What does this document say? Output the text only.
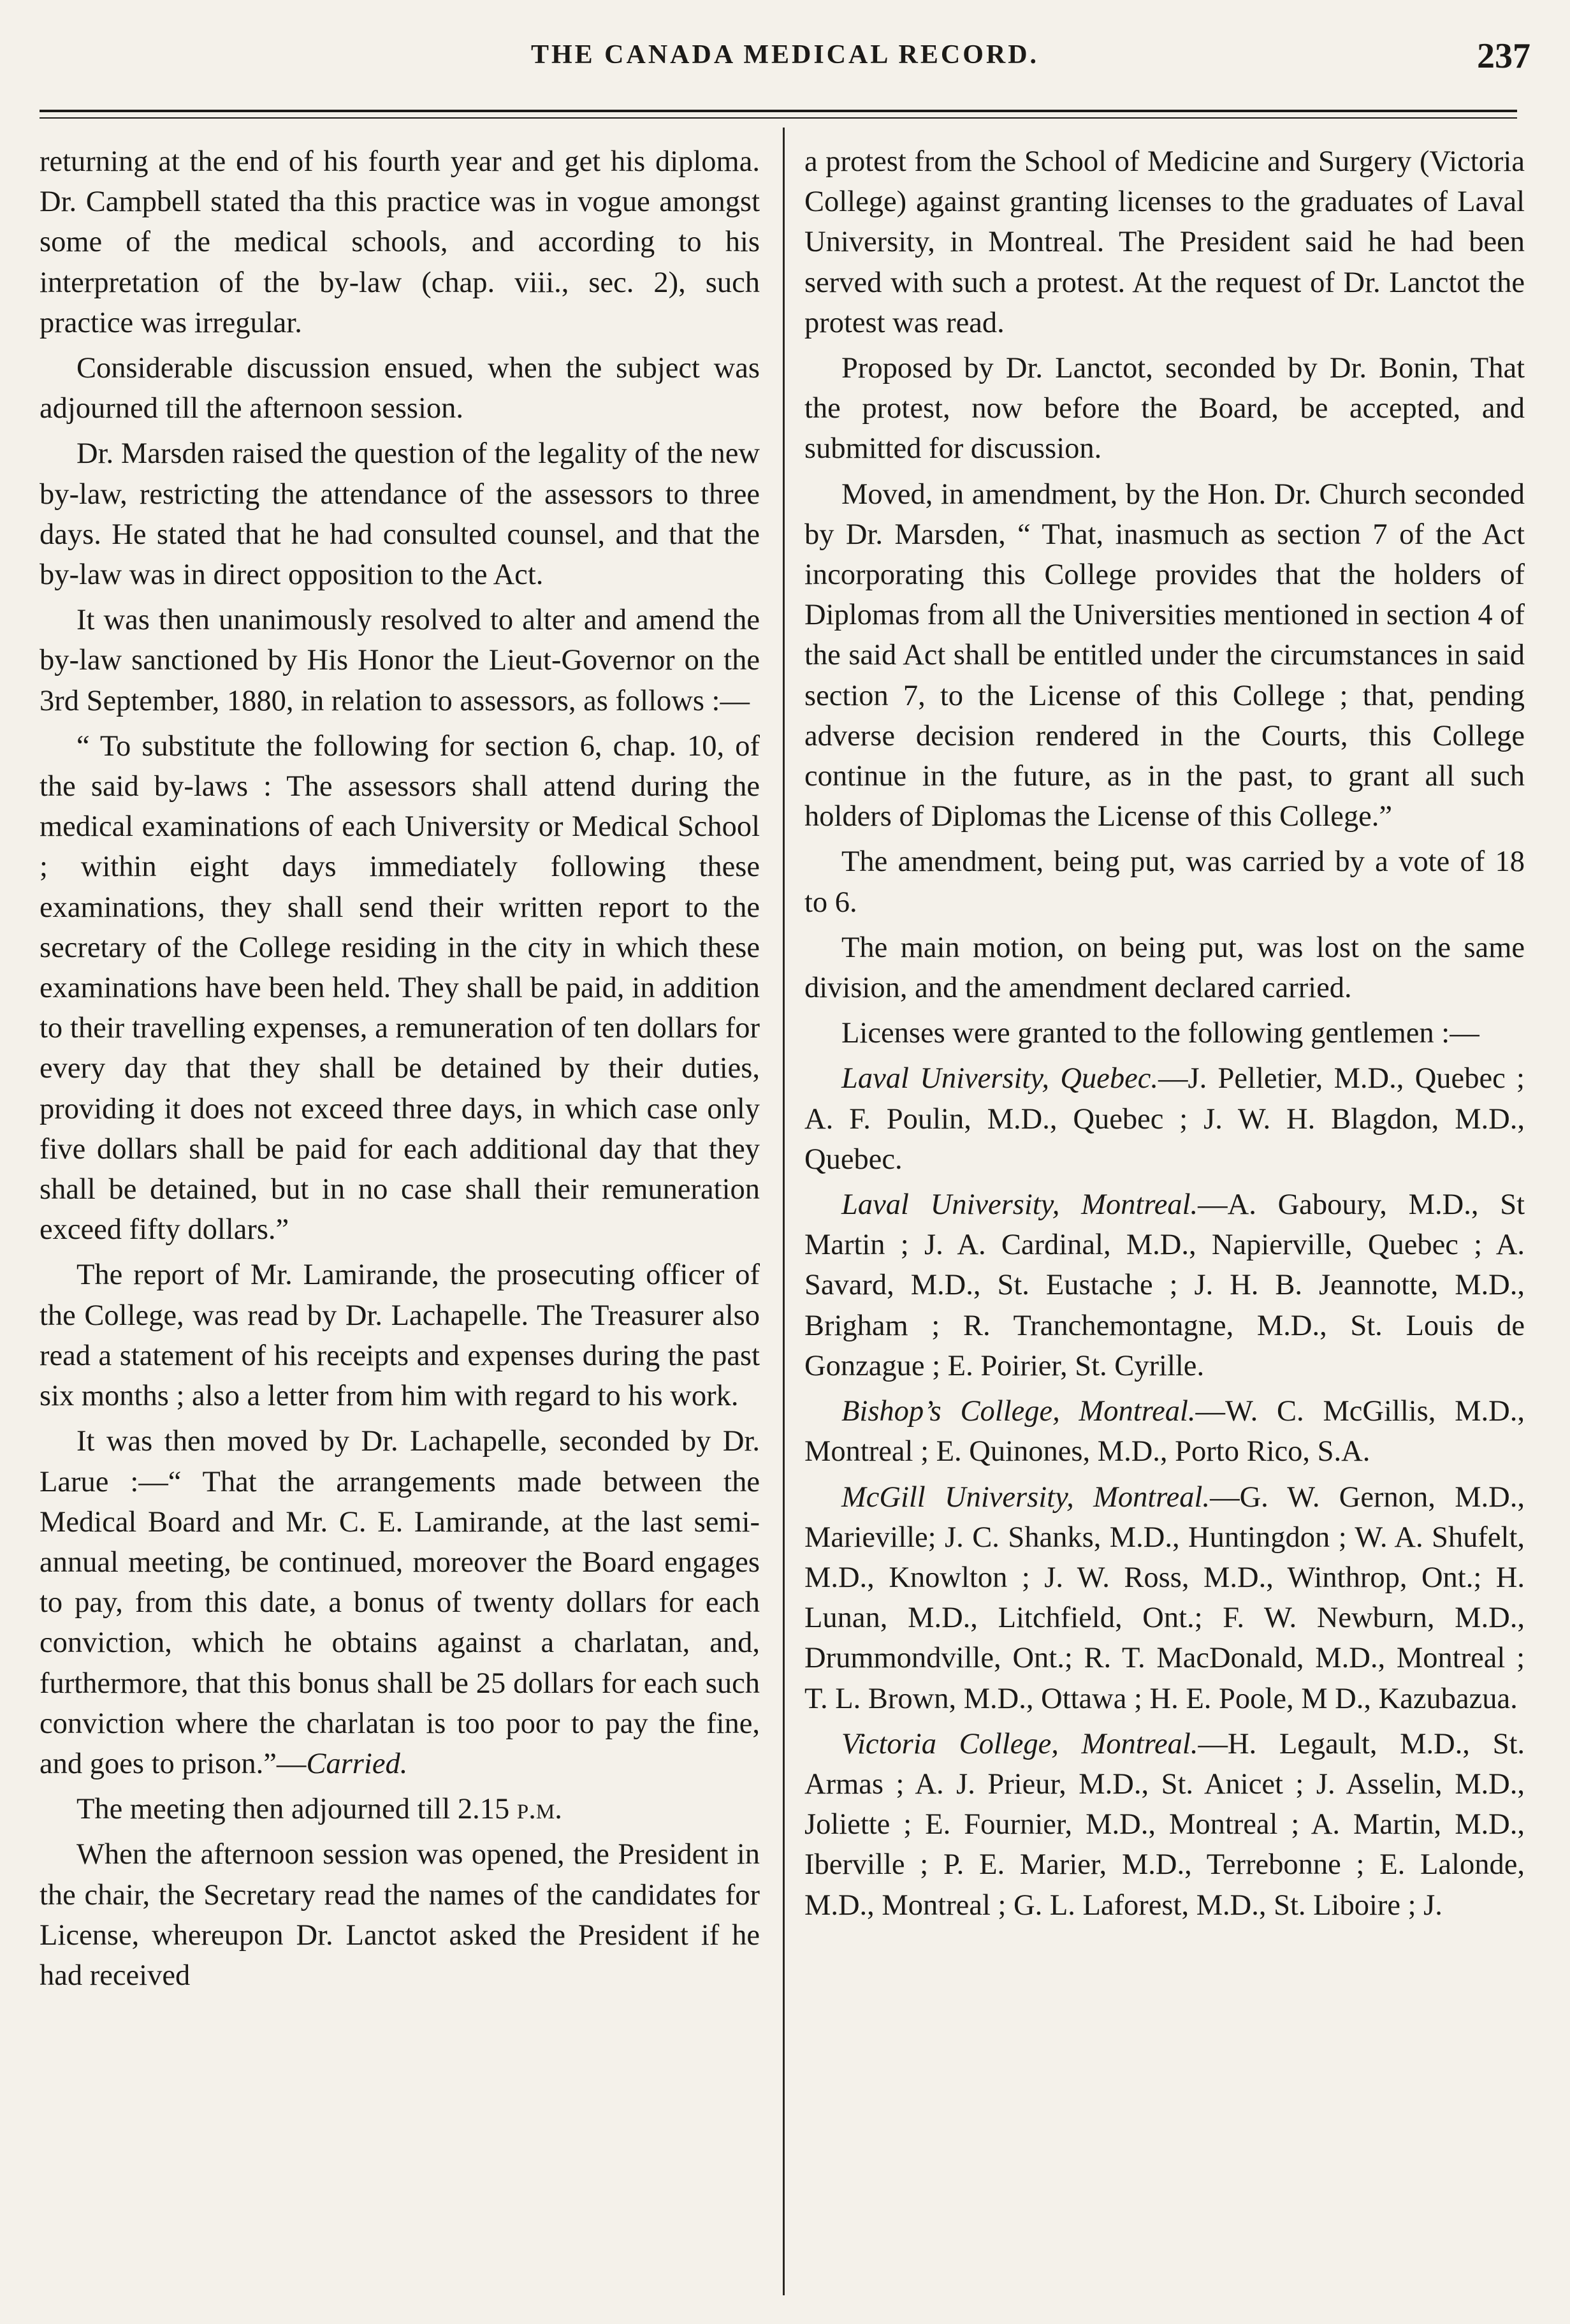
THE CANADA MEDICAL RECORD.	237

returning at the end of his fourth year and get his diploma. Dr. Campbell stated tha this practice was in vogue amongst some of the medical schools, and according to his interpretation of the by-law (chap. viii., sec. 2), such practice was irregular.

Considerable discussion ensued, when the subject was adjourned till the afternoon session.

Dr. Marsden raised the question of the legality of the new by-law, restricting the attendance of the assessors to three days. He stated that he had consulted counsel, and that the by-law was in direct opposition to the Act.

It was then unanimously resolved to alter and amend the by-law sanctioned by His Honor the Lieut-Governor on the 3rd September, 1880, in relation to assessors, as follows :—

“ To substitute the following for section 6, chap. 10, of the said by-laws : The assessors shall attend during the medical examinations of each University or Medical School ; within eight days immediately following these examinations, they shall send their written report to the secretary of the College residing in the city in which these examinations have been held. They shall be paid, in addition to their travelling expenses, a remuneration of ten dollars for every day that they shall be detained by their duties, providing it does not exceed three days, in which case only five dollars shall be paid for each additional day that they shall be detained, but in no case shall their remuneration exceed fifty dollars.”

The report of Mr. Lamirande, the prosecuting officer of the College, was read by Dr. Lachapelle. The Treasurer also read a statement of his receipts and expenses during the past six months ; also a letter from him with regard to his work.

It was then moved by Dr. Lachapelle, seconded by Dr. Larue :—“ That the arrangements made between the Medical Board and Mr. C. E. Lamirande, at the last semi-annual meeting, be continued, moreover the Board engages to pay, from this date, a bonus of twenty dollars for each conviction, which he obtains against a charlatan, and, furthermore, that this bonus shall be 25 dollars for each such conviction where the charlatan is too poor to pay the fine, and goes to prison.”—Carried.

The meeting then adjourned till 2.15 p.m.

When the afternoon session was opened, the President in the chair, the Secretary read the names of the candidates for License, whereupon Dr. Lanctot asked the President if he had received

a protest from the School of Medicine and Surgery (Victoria College) against granting licenses to the graduates of Laval University, in Montreal. The President said he had been served with such a protest. At the request of Dr. Lanctot the protest was read.

Proposed by Dr. Lanctot, seconded by Dr. Bonin, That the protest, now before the Board, be accepted, and submitted for discussion.

Moved, in amendment, by the Hon. Dr. Church seconded by Dr. Marsden, “ That, inasmuch as section 7 of the Act incorporating this College provides that the holders of Diplomas from all the Universities mentioned in section 4 of the said Act shall be entitled under the circumstances in said section 7, to the License of this College ; that, pending adverse decision rendered in the Courts, this College continue in the future, as in the past, to grant all such holders of Diplomas the License of this College.”

The amendment, being put, was carried by a vote of 18 to 6.

The main motion, on being put, was lost on the same division, and the amendment declared carried.

Licenses were granted to the following gentlemen :—

Laval University, Quebec.—J. Pelletier, M.D., Quebec ; A. F. Poulin, M.D., Quebec ; J. W. H. Blagdon, M.D., Quebec.

Laval University, Montreal.—A. Gaboury, M.D., St Martin ; J. A. Cardinal, M.D., Napierville, Quebec ; A. Savard, M.D., St. Eustache ; J. H. B. Jeannotte, M.D., Brigham ; R. Tranchemontagne, M.D., St. Louis de Gonzague ; E. Poirier, St. Cyrille.

Bishop’s College, Montreal.—W. C. McGillis, M.D., Montreal ; E. Quinones, M.D., Porto Rico, S.A.

McGill University, Montreal.—G. W. Gernon, M.D., Marieville; J. C. Shanks, M.D., Huntingdon ; W. A. Shufelt, M.D., Knowlton ; J. W. Ross, M.D., Winthrop, Ont.; H. Lunan, M.D., Litchfield, Ont.; F. W. Newburn, M.D., Drummondville, Ont.; R. T. MacDonald, M.D., Montreal ; T. L. Brown, M.D., Ottawa ; H. E. Poole, M D., Kazubazua.

Victoria College, Montreal.—H. Legault, M.D., St. Armas ; A. J. Prieur, M.D., St. Anicet ; J. Asselin, M.D., Joliette ; E. Fournier, M.D., Montreal ; A. Martin, M.D., Iberville ; P. E. Marier, M.D., Terrebonne ; E. Lalonde, M.D., Montreal ; G. L. Laforest, M.D., St. Liboire ; J.
